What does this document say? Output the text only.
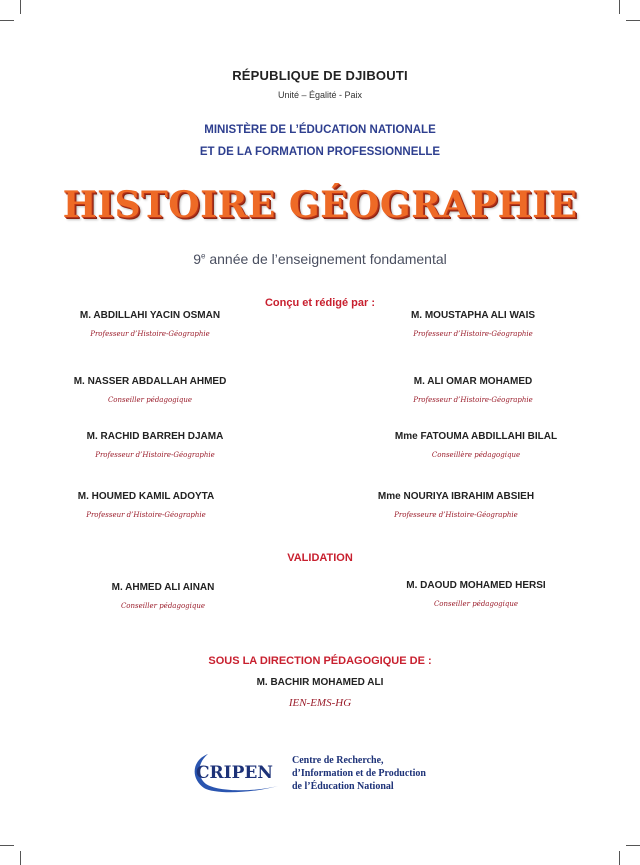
RÉPUBLIQUE DE DJIBOUTI
Unité – Égalité - Paix
MINISTÈRE DE L’ÉDUCATION NATIONALE
ET DE LA FORMATION PROFESSIONNELLE
HISTOIRE GÉOGRAPHIE
9e année de l’enseignement fondamental
Conçu et rédigé par :
M. ABDILLAHI YACIN OSMAN
Professeur d’Histoire-Géographie
M. MOUSTAPHA ALI WAIS
Professeur d’Histoire-Géographie
M. NASSER ABDALLAH AHMED
Conseiller pédagogique
M. ALI OMAR MOHAMED
Professeur d’Histoire-Géographie
M. RACHID BARREH DJAMA
Professeur d’Histoire-Géographie
Mme FATOUMA ABDILLAHI BILAL
Conseillère pédagogique
M. HOUMED KAMIL ADOYTA
Professeur d’Histoire-Géographie
Mme NOURIYA IBRAHIM ABSIEH
Professeure d’Histoire-Géographie
VALIDATION
M. AHMED ALI AINAN
Conseiller pédagogique
M. DAOUD MOHAMED HERSI
Conseiller pédagogique
SOUS LA DIRECTION PÉDAGOGIQUE DE :
M. BACHIR MOHAMED ALI
IEN-EMS-HG
CRIPEN
Centre de Recherche,
d’Information et de Production
de l’Éducation National
